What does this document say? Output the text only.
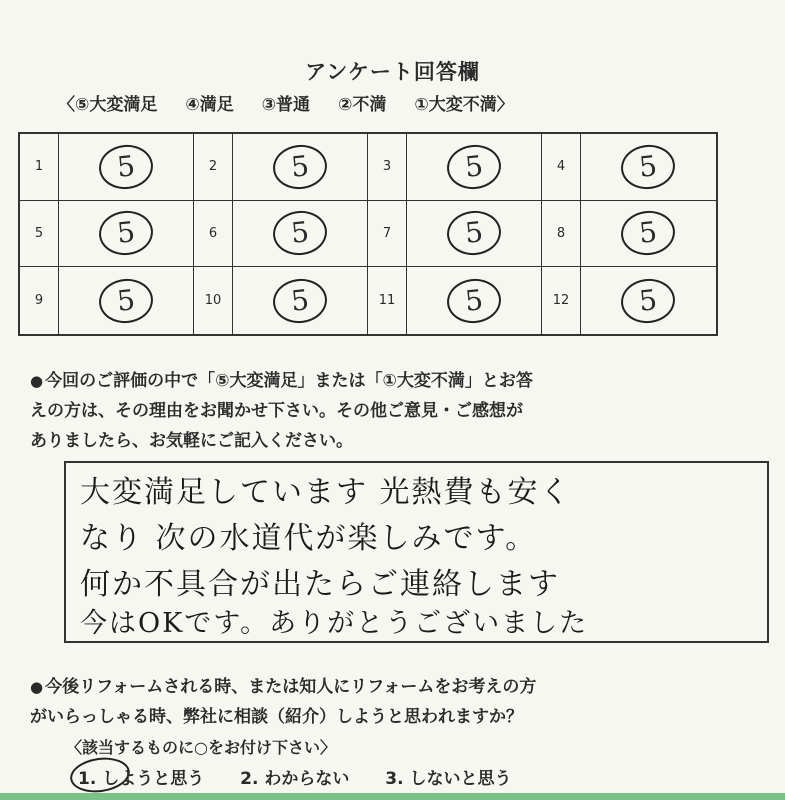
アンケート回答欄
〈⑤大変満足 ④満足 ③普通 ②不満 ①大変不満〉
1	5	2	5	3	5	4	5
5	5	6	5	7	5	8	5
9	5	10	5	11	5	12	5
● 今回のご評価の中で「⑤大変満足」または「①大変不満」とお答
えの方は、その理由をお聞かせ下さい。その他ご意見・ご感想が
ありましたら、お気軽にご記入ください。
大変満足しています 光熱費も安く
なり 次の水道代が楽しみです。
何か不具合が出たらご連絡します
今はOKです。ありがとうございました
● 今後リフォームされる時、または知人にリフォームをお考えの方
がいらっしゃる時、弊社に相談（紹介）しようと思われますか？
〈該当するものに○をお付け下さい〉
1. しようと思う 2. わからない 3. しないと思う
